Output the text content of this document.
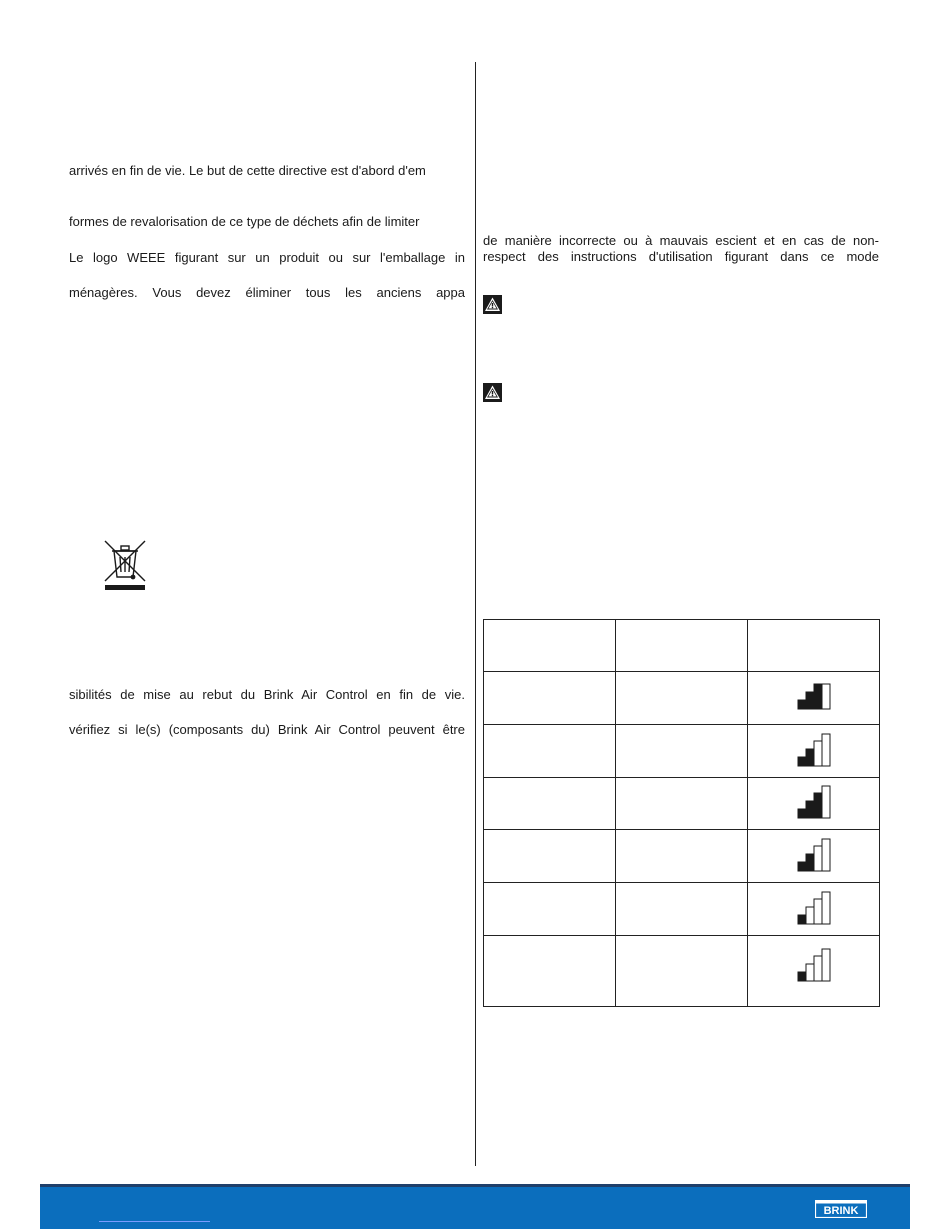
arrivés en fin de vie. Le but de cette directive est d'abord d'em
formes de revalorisation de ce type de déchets afin de limiter
Le logo WEEE figurant sur un produit ou sur l'emballage in
ménagères. Vous devez éliminer tous les anciens appa
sibilités de mise au rebut du Brink Air Control en fin de vie.
vérifiez si le(s) (composants du) Brink Air Control peuvent être
de manière incorrecte ou à mauvais escient et en cas de non-
respect des instructions d'utilisation figurant dans ce mode

BRINK
